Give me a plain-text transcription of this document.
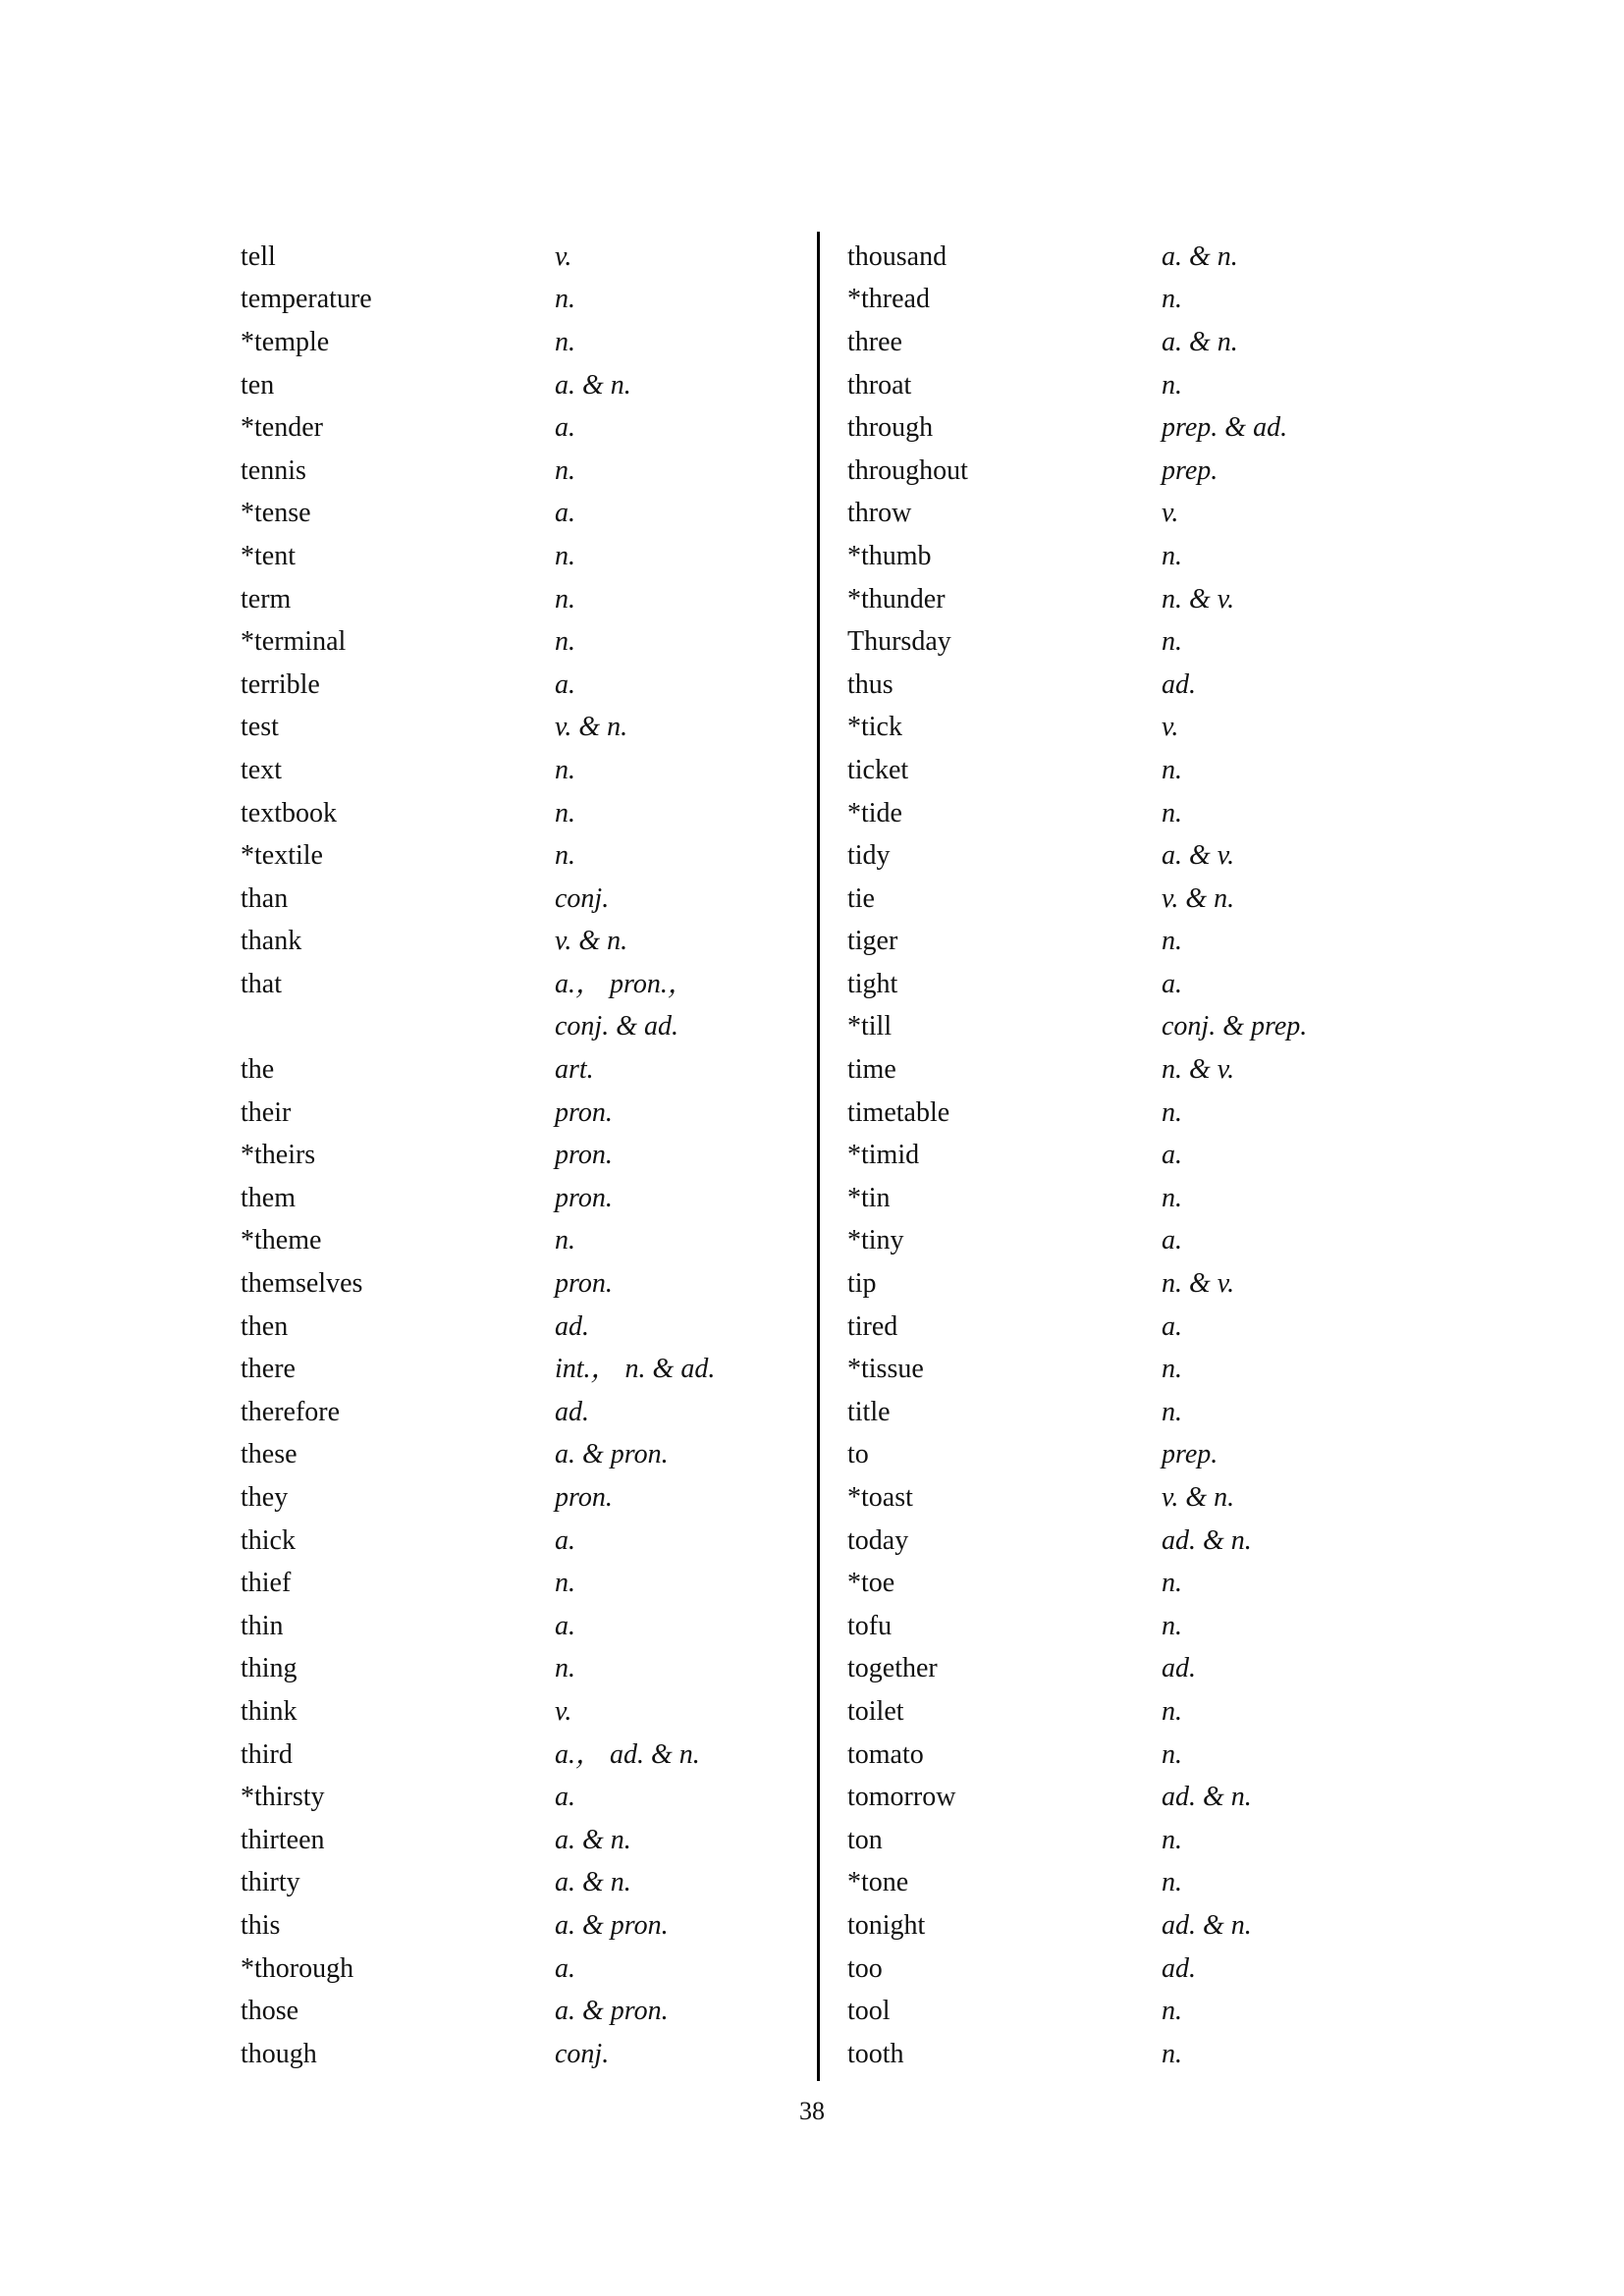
tell	v.
temperature	n.
*temple	n.
ten	a. & n.
*tender	a.
tennis	n.
*tense	a.
*tent	n.
term	n.
*terminal	n.
terrible	a.
test	v. & n.
text	n.
textbook	n.
*textile	n.
than	conj.
thank	v. & n.
that	a.， pron.，
conj. & ad.
the	art.
their	pron.
*theirs	pron.
them	pron.
*theme	n.
themselves	pron.
then	ad.
there	int.， n. & ad.
therefore	ad.
these	a. & pron.
they	pron.
thick	a.
thief	n.
thin	a.
thing	n.
think	v.
third	a.， ad. & n.
*thirsty	a.
thirteen	a. & n.
thirty	a. & n.
this	a. & pron.
*thorough	a.
those	a. & pron.
though	conj.
thousand	a. & n.
*thread	n.
three	a. & n.
throat	n.
through	prep. & ad.
throughout	prep.
throw	v.
*thumb	n.
*thunder	n. & v.
Thursday	n.
thus	ad.
*tick	v.
ticket	n.
*tide	n.
tidy	a. & v.
tie	v. & n.
tiger	n.
tight	a.
*till	conj. & prep.
time	n. & v.
timetable	n.
*timid	a.
*tin	n.
*tiny	a.
tip	n. & v.
tired	a.
*tissue	n.
title	n.
to	prep.
*toast	v. & n.
today	ad. & n.
*toe	n.
tofu	n.
together	ad.
toilet	n.
tomato	n.
tomorrow	ad. & n.
ton	n.
*tone	n.
tonight	ad. & n.
too	ad.
tool	n.
tooth	n.
38
